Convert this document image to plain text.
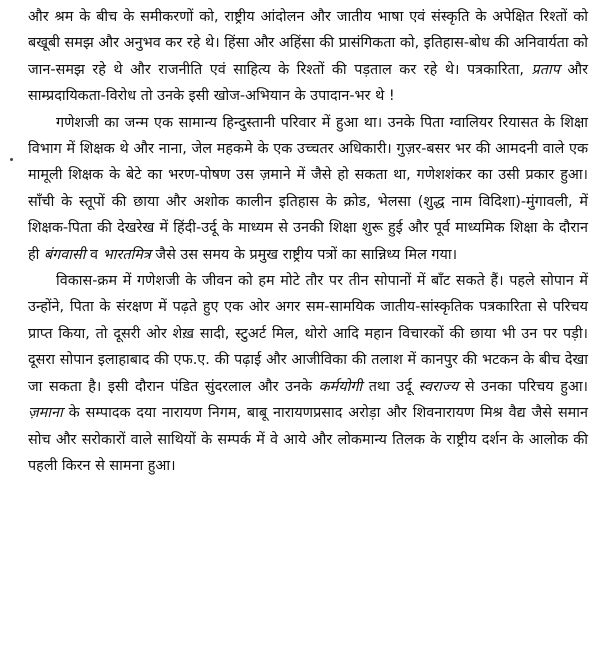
और श्रम के बीच के समीकरणों को, राष्ट्रीय आंदोलन और जातीय भाषा एवं संस्कृति के अपेक्षित रिश्तों को बखूबी समझ और अनुभव कर रहे थे। हिंसा और अहिंसा की प्रासंगिकता को, इतिहास-बोध की अनिवार्यता को जान-समझ रहे थे और राजनीति एवं साहित्य के रिश्तों की पड़ताल कर रहे थे। पत्रकारिता, प्रताप और साम्प्रदायिकता-विरोध तो उनके इसी खोज-अभियान के उपादान-भर थे !

गणेशजी का जन्म एक सामान्य हिन्दुस्तानी परिवार में हुआ था। उनके पिता ग्वालियर रियासत के शिक्षा विभाग में शिक्षक थे और नाना, जेल महकमे के एक उच्चतर अधिकारी। गुज़र-बसर भर की आमदनी वाले एक मामूली शिक्षक के बेटे का भरण-पोषण उस ज़माने में जैसे हो सकता था, गणेशशंकर का उसी प्रकार हुआ। साँची के स्तूपों की छाया और अशोक कालीन इतिहास के क्रोड, भेलसा (शुद्ध नाम विदिशा)-मुंगावली, में शिक्षक-पिता की देखरेख में हिंदी-उर्दू के माध्यम से उनकी शिक्षा शुरू हुई और पूर्व माध्यमिक शिक्षा के दौरान ही बंगवासी व भारतमित्र जैसे उस समय के प्रमुख राष्ट्रीय पत्रों का सान्निध्य मिल गया।

विकास-क्रम में गणेशजी के जीवन को हम मोटे तौर पर तीन सोपानों में बाँट सकते हैं। पहले सोपान में उन्होंने, पिता के संरक्षण में पढ़ते हुए एक ओर अगर सम-सामयिक जातीय-सांस्कृतिक पत्रकारिता से परिचय प्राप्त किया, तो दूसरी ओर शेख़ सादी, स्टुअर्ट मिल, थोरो आदि महान विचारकों की छाया भी उन पर पड़ी। दूसरा सोपान इलाहाबाद की एफ.ए. की पढ़ाई और आजीविका की तलाश में कानपुर की भटकन के बीच देखा जा सकता है। इसी दौरान पंडित सुंदरलाल और उनके कर्मयोगी तथा उर्दू स्वराज्य से उनका परिचय हुआ। ज़माना के सम्पादक दया नारायण निगम, बाबू नारायणप्रसाद अरोड़ा और शिवनारायण मिश्र वैद्य जैसे समान सोच और सरोकारों वाले साथियों के सम्पर्क में वे आये और लोकमान्य तिलक के राष्ट्रीय दर्शन के आलोक की पहली किरन से सामना हुआ।
